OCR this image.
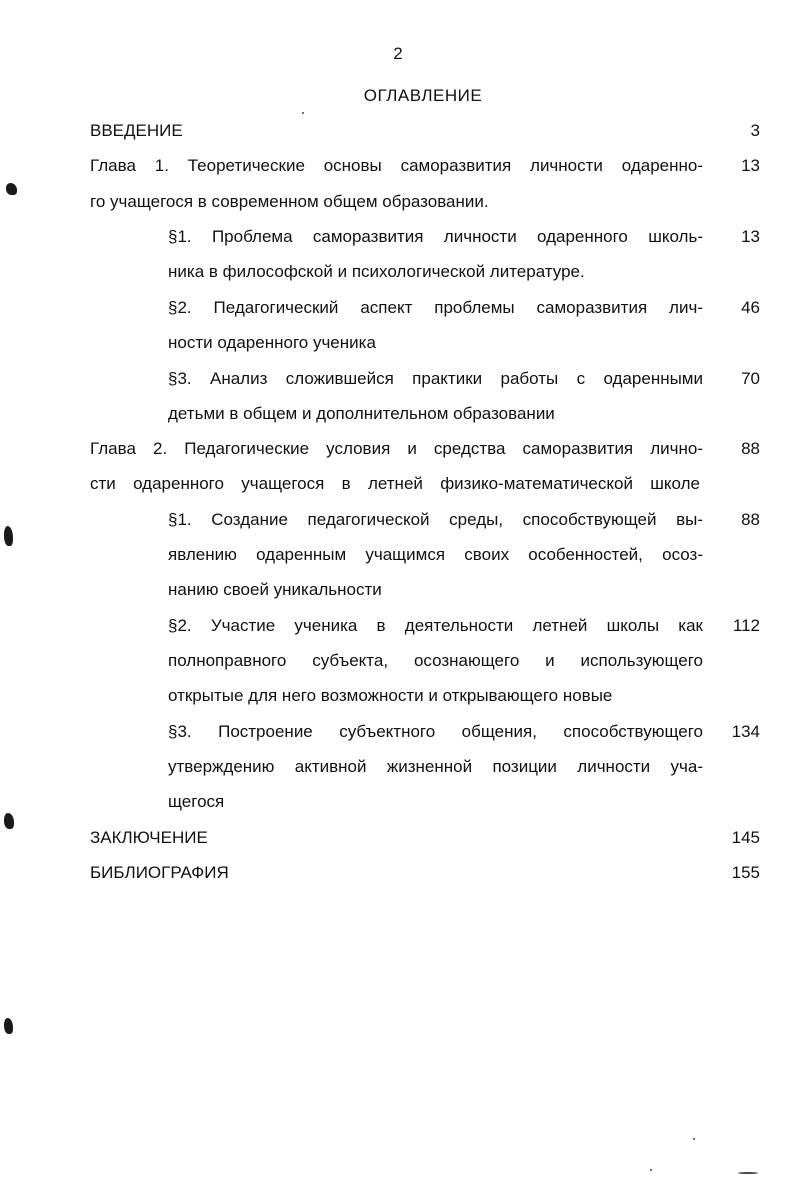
2
ОГЛАВЛЕНИЕ
ВВЕДЕНИЕ	3
Глава 1. Теоретические основы саморазвития личности одаренно-
го учащегося в современном общем образовании.
13
§1. Проблема саморазвития личности одаренного школь-
ника в философской и психологической литературе.
13
§2. Педагогический аспект проблемы саморазвития лич-
ности одаренного ученика
46
§3. Анализ сложившейся практики работы с одаренными
детьми в общем и дополнительном образовании
70
Глава 2. Педагогические условия и средства саморазвития лично-
сти одаренного учащегося в летней физико-математической школе
88
§1. Создание педагогической среды, способствующей вы-
явлению одаренным учащимся своих особенностей, осоз-
нанию своей уникальности
88
§2. Участие ученика в деятельности летней школы как
полноправного субъекта, осознающего и использующего
открытые для него возможности и открывающего новые
112
§3. Построение субъектного общения, способствующего
утверждению активной жизненной позиции личности уча-
щегося
134
ЗАКЛЮЧЕНИЕ	145
БИБЛИОГРАФИЯ	155
